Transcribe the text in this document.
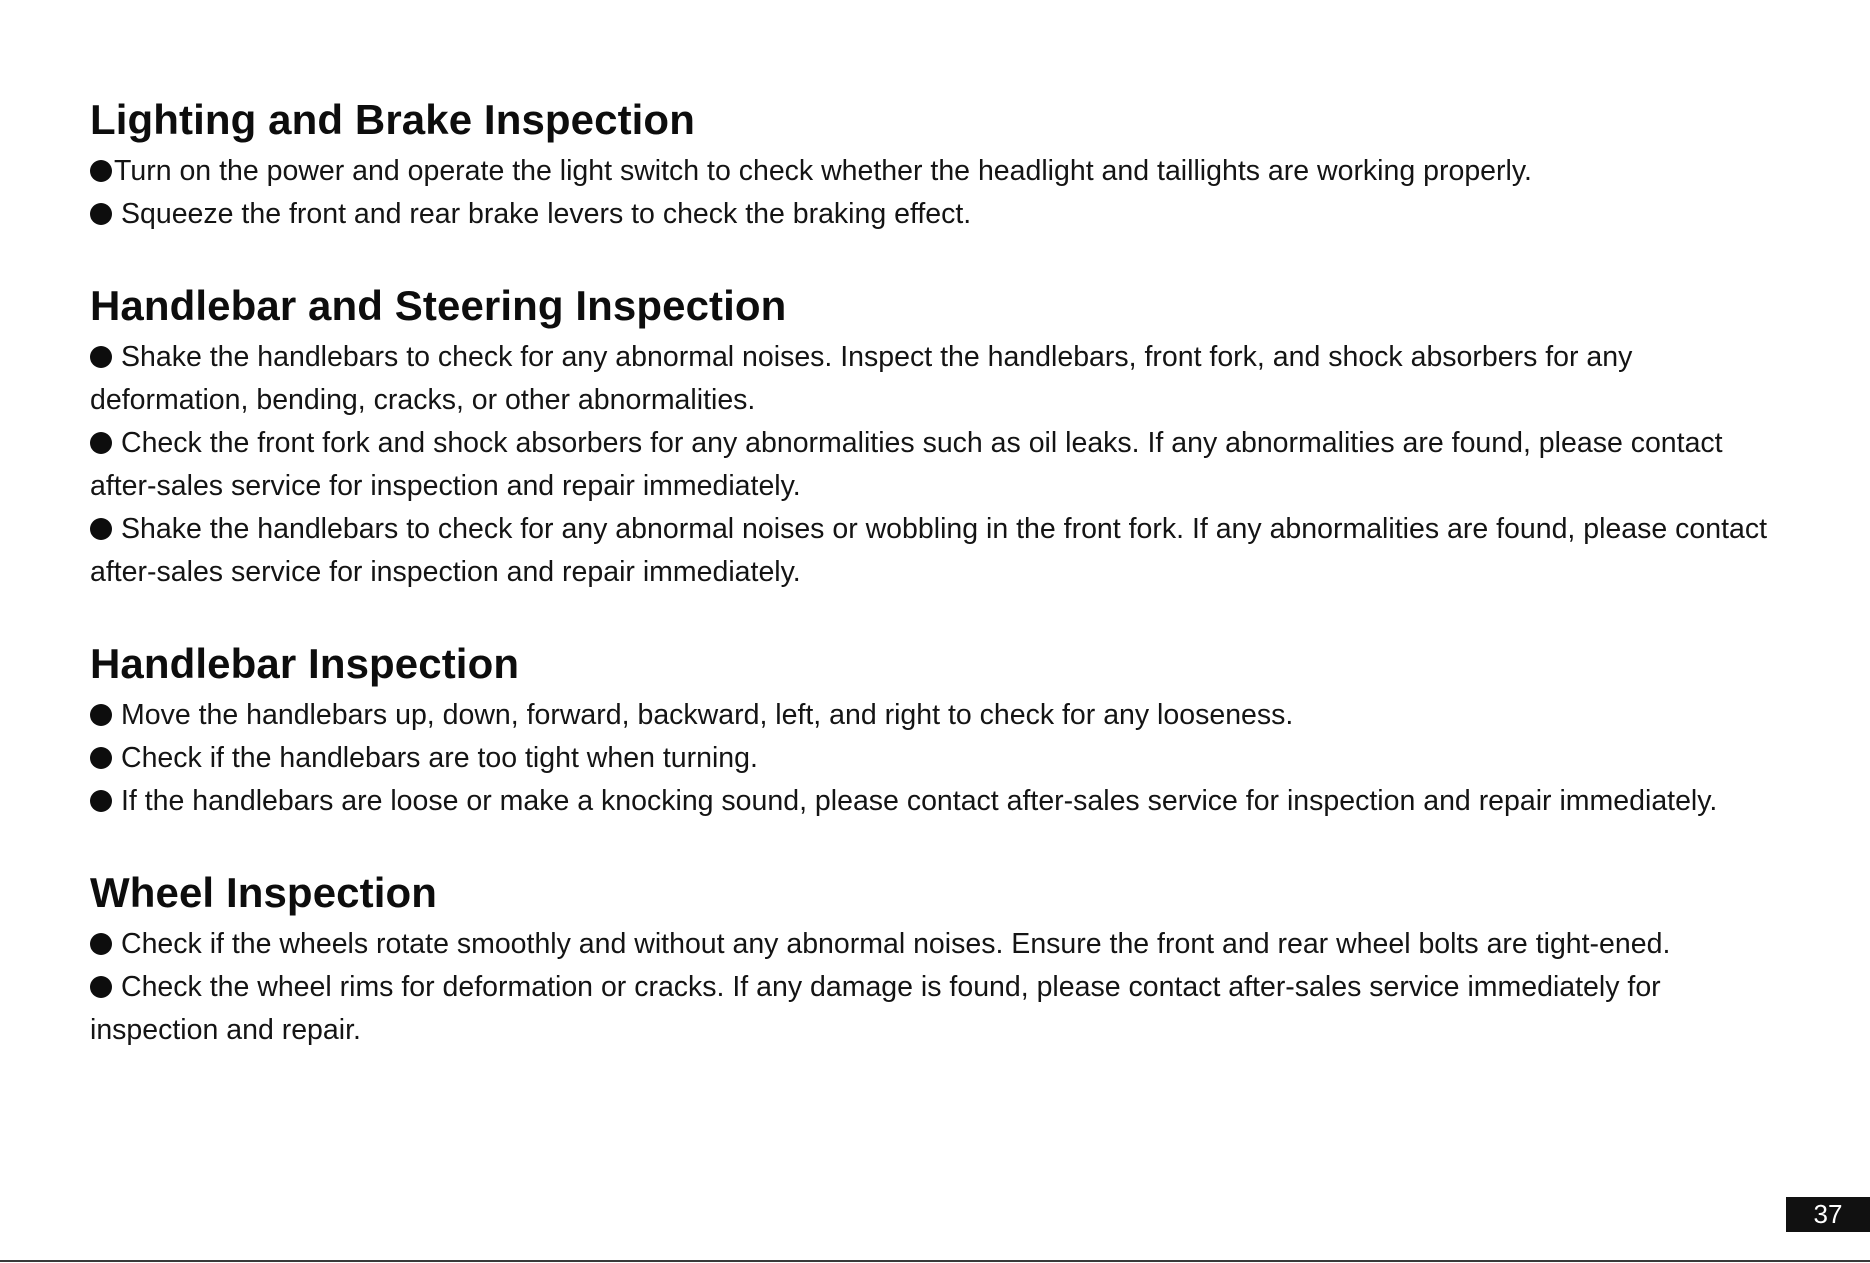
Lighting and Brake Inspection

Turn on the power and operate the light switch to check whether the headlight and taillights are working properly.

Squeeze the front and rear brake levers to check the braking effect.

Handlebar and Steering Inspection

Shake the handlebars to check for any abnormal noises. Inspect the handlebars, front fork, and shock absorbers for any deformation, bending, cracks, or other abnormalities.

Check the front fork and shock absorbers for any abnormalities such as oil leaks. If any abnormalities are found, please contact after-sales service for inspection and repair immediately.

Shake the handlebars to check for any abnormal noises or wobbling in the front fork. If any abnormalities are found, please contact after-sales service for inspection and repair immediately.

Handlebar Inspection

Move the handlebars up, down, forward, backward, left, and right to check for any looseness.

Check if the handlebars are too tight when turning.

If the handlebars are loose or make a knocking sound, please contact after-sales service for inspection and repair immediately.

Wheel Inspection

Check if the wheels rotate smoothly and without any abnormal noises. Ensure the front and rear wheel bolts are tight-ened.

Check the wheel rims for deformation or cracks. If any damage is found, please contact after-sales service immediately for inspection and repair.

37
